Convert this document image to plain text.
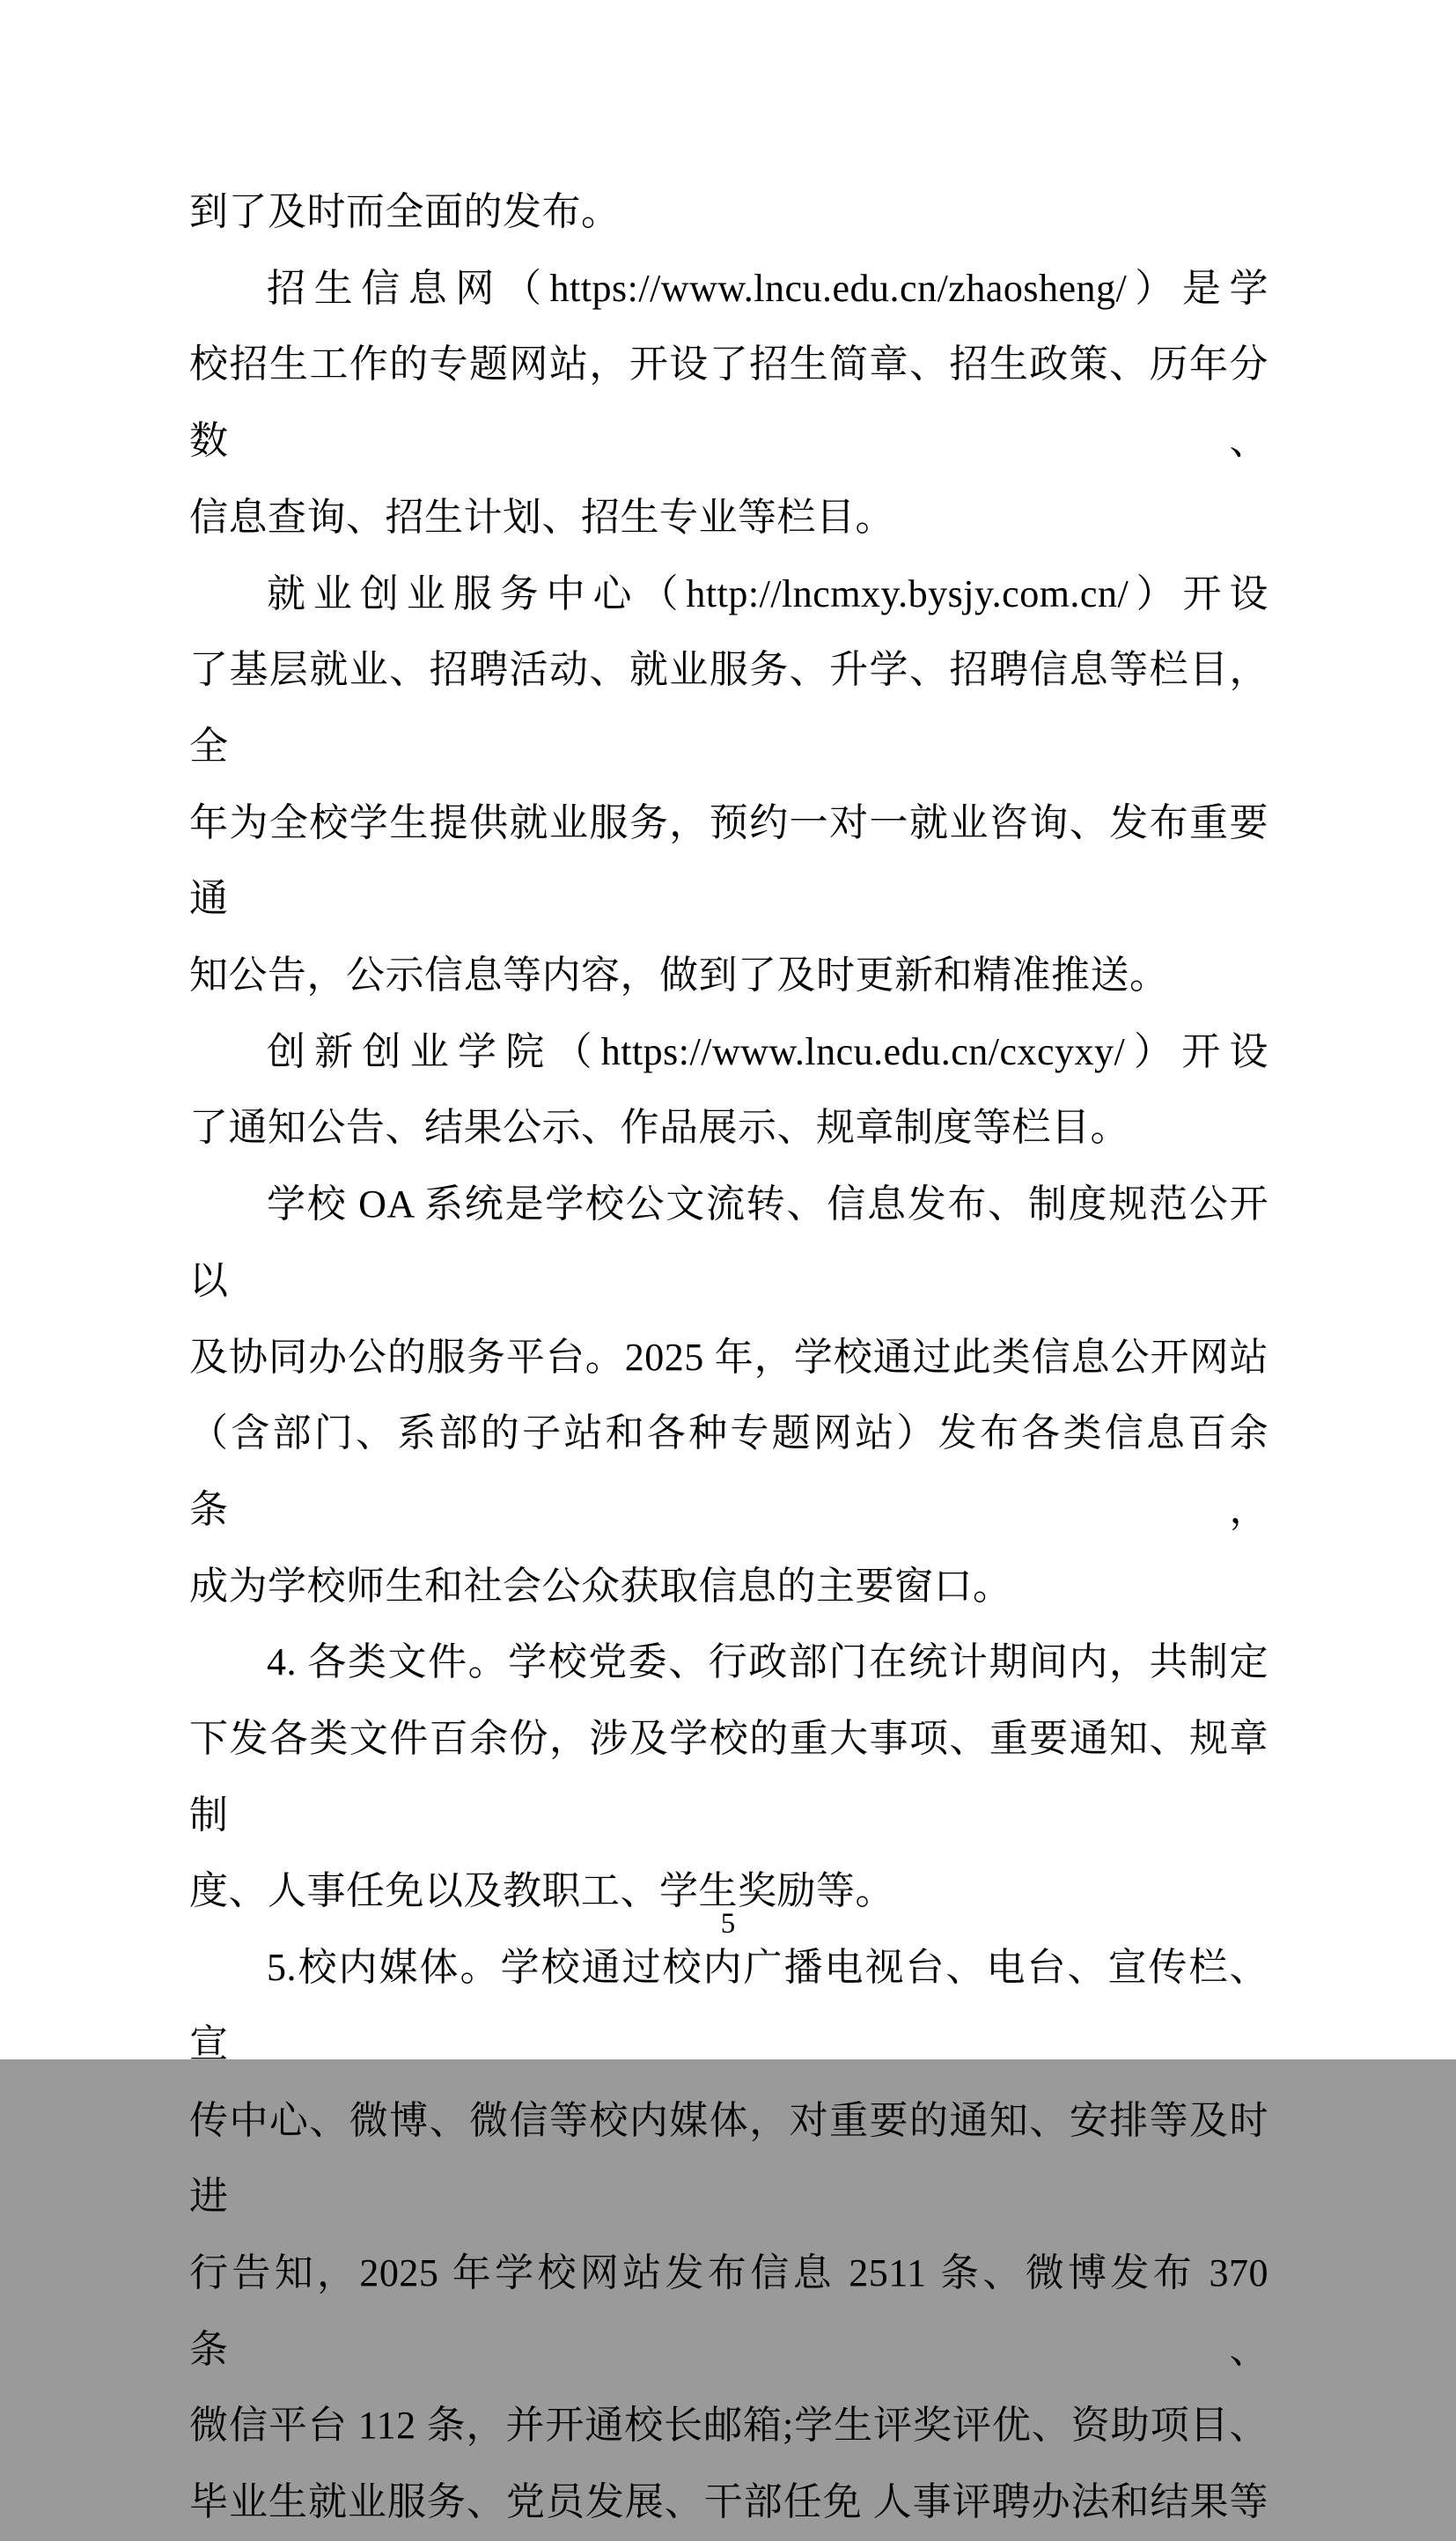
到了及时而全面的发布。
招生信息网（https://www.lncu.edu.cn/zhaosheng/）是学
校招生工作的专题网站，开设了招生简章、招生政策、历年分数、
信息查询、招生计划、招生专业等栏目。
就业创业服务中心（http://lncmxy.bysjy.com.cn/）开设
了基层就业、招聘活动、就业服务、升学、招聘信息等栏目，全
年为全校学生提供就业服务，预约一对一就业咨询、发布重要通
知公告，公示信息等内容，做到了及时更新和精准推送。
创新创业学院（https://www.lncu.edu.cn/cxcyxy/）开设
了通知公告、结果公示、作品展示、规章制度等栏目。
学校 OA 系统是学校公文流转、信息发布、制度规范公开以
及协同办公的服务平台。2025 年，学校通过此类信息公开网站
（含部门、系部的子站和各种专题网站）发布各类信息百余条，
成为学校师生和社会公众获取信息的主要窗口。
4. 各类文件。学校党委、行政部门在统计期间内，共制定
下发各类文件百余份，涉及学校的重大事项、重要通知、规章制
度、人事任免以及教职工、学生奖励等。
5.校内媒体。学校通过校内广播电视台、电台、宣传栏、宣
传中心、微博、微信等校内媒体，对重要的通知、安排等及时进
行告知，2025 年学校网站发布信息 2511 条、微博发布 370 条、
微信平台 112 条，并开通校长邮箱;学生评奖评优、资助项目、
毕业生就业服务、党员发展、干部任免 人事评聘办法和结果等
5
